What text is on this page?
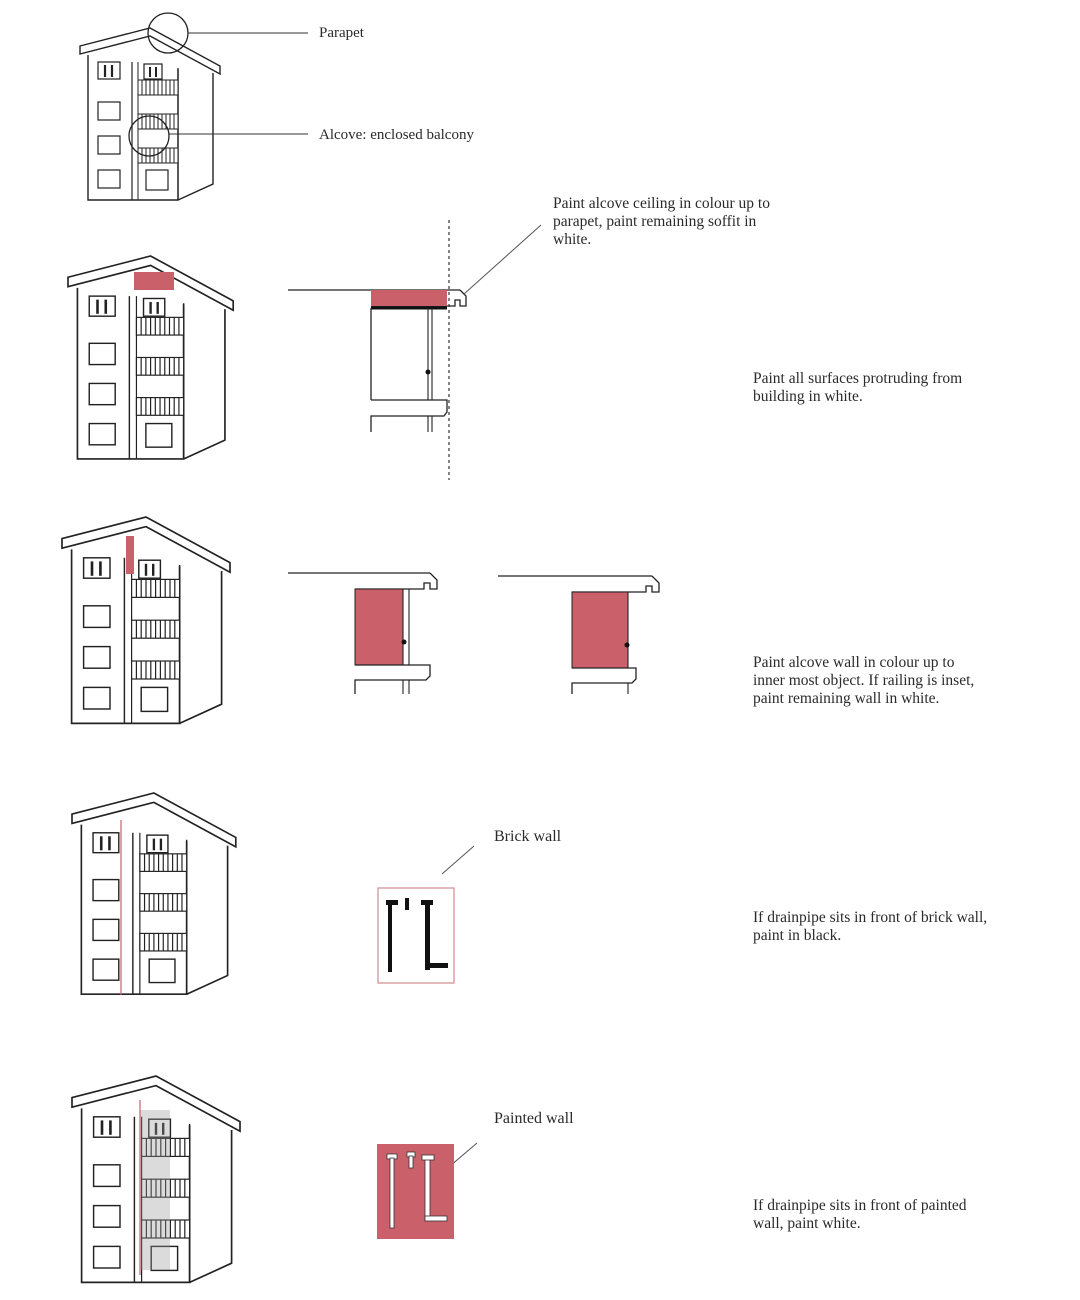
Parapet
Alcove: enclosed balcony
Paint alcove ceiling in colour up to
parapet, paint remaining soffit in
white.
Paint all surfaces protruding from
building in white.
Paint alcove wall in colour up to
inner most object. If railing is inset,
paint remaining wall in white.
Brick wall
If drainpipe sits in front of brick wall,
paint in black.
Painted wall
If drainpipe sits in front of painted
wall, paint white.
